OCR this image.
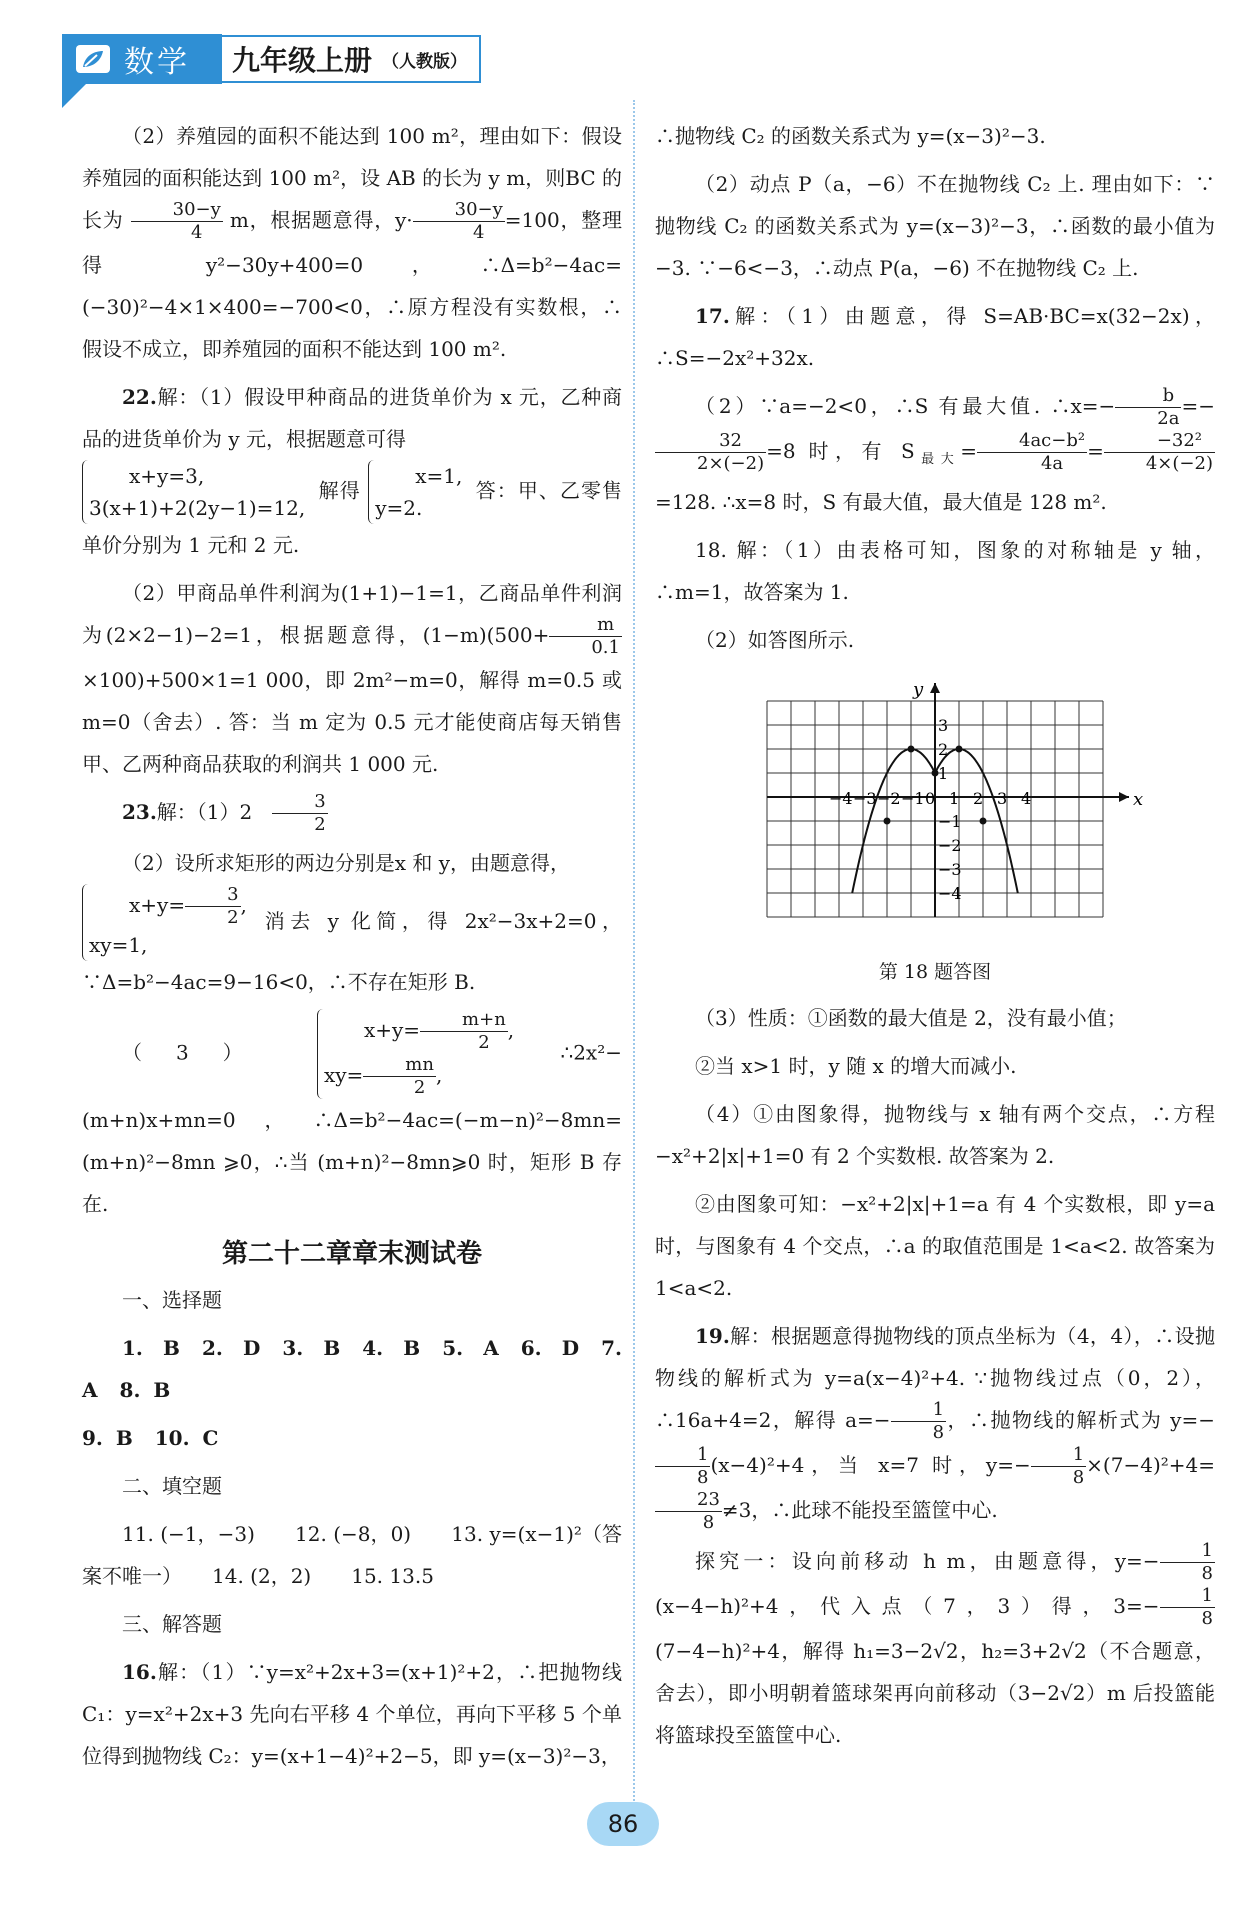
数学 九年级上册 （人教版）

（2）养殖园的面积不能达到 100 m²，理由如下：假设养殖园的面积能达到 100 m²，设 AB 的长为 y m，则BC 的长为 $\frac{30-y}{4}$ m，根据题意得，$y\cdot \frac{30-y}{4} =100$，整理得 y²−30y+400=0，∴Δ=b²−4ac=(−30)²−4×1×400=−700<0，∴原方程没有实数根，∴假设不成立，即养殖园的面积不能达到 100 m².

22.解：（1）假设甲种商品的进货单价为 x 元，乙种商品的进货单价为 y 元，根据题意可得
x+y=3,
3(x+1)+2(2y−1)=12, 解得 x=1,
y=2. 答：甲、乙零售单价分别为 1 元和 2 元.

（2）甲商品单件利润为(1+1)−1=1，乙商品单件利润为(2×2−1)−2=1，根据题意得，$(1-m)(500+ \frac{m}{0.1}$
×100)+500×1=1 000，即 2m²−m=0，解得 m=0.5 或 m=0（舍去）. 答：当 m 定为 0.5 元才能使商店每天销售甲、乙两种商品获取的利润共 1 000 元.

23.解：（1）2　 $\frac{3}{2}$

（2）设所求矩形的两边分别是x 和 y，由题意得，
$x+y= \frac{3}{2}$ ,
xy=1, 消去 y 化简，得 2x²−3x+2=0，∵Δ=b²−4ac=9−16<0，∴不存在矩形 B.

（3） $x+y= \frac{m+n}{2}$ ,
$xy= \frac{mn}{2}$ , ∴2x²−(m+n)x+mn=0，∴Δ=b²−4ac=(−m−n)²−8mn=(m+n)²−8mn ⩾0，∴当 (m+n)²−8mn⩾0 时，矩形 B 存在.

第二十二章章末测试卷

一、选择题

1. B 2. D 3. B 4. B 5. A 6. D 7. A 8. B

9. B 10. C

二、填空题

11. (−1，−3)　　12. (−8，0)　　13. y=(x−1)²（答案不唯一）　　14. (2，2)　　15. 13.5

三、解答题

16.解：（1）∵y=x²+2x+3=(x+1)²+2，∴把抛物线 C₁：y=x²+2x+3 先向右平移 4 个单位，再向下平移 5 个单位得到抛物线 C₂：y=(x+1−4)²+2−5，即 y=(x−3)²−3，

∴抛物线 C₂ 的函数关系式为 y=(x−3)²−3.

（2）动点 P（a，−6）不在抛物线 C₂ 上. 理由如下：∵抛物线 C₂ 的函数关系式为 y=(x−3)²−3，∴函数的最小值为−3. ∵−6<−3，∴动点 P(a，−6) 不在抛物线 C₂ 上.

17.解：（1）由题意，得 S=AB·BC=x(32−2x)，∴S=−2x²+32x.

（2）∵a=−2<0，∴S 有最大值. ∴x=− $\frac{b}{2a}$ =−
$\frac{32}{2\times(-2)} =8$ 时，有 $S_{最大}= \frac{\text{4ac−b²}}{4a} = \frac{\text{−32²}}{4\times(-2)}$
=128. ∴x=8 时，S 有最大值，最大值是 128 m².

18. 解：（1）由表格可知，图象的对称轴是 y 轴，∴m=1，故答案为 1.

（2）如答图所示.

−4 −3 −2 −1 0 1 2 3 4
3
2
1
−1
−2
−3
−4
y
x
第 18 题答图

（3）性质：①函数的最大值是 2，没有最小值；

②当 x>1 时，y 随 x 的增大而减小.

（4）①由图象得，抛物线与 x 轴有两个交点，∴方程−x²+2|x|+1=0 有 2 个实数根. 故答案为 2.

②由图象可知：−x²+2|x|+1=a 有 4 个实数根，即 y=a 时，与图象有 4 个交点，∴a 的取值范围是 1<a<2. 故答案为 1<a<2.

19.解：根据题意得抛物线的顶点坐标为（4，4），∴设抛物线的解析式为 y=a(x−4)²+4. ∵抛物线过点（0，2），∴16a+4=2，解得 $a=- \frac{1}{8}$ ，∴抛物线的解析式为 y=−
$\frac{1}{8} (x-4)^2+4$，当 x=7 时，$y=- \frac{1}{8} \times(7-4)^2+4=$
$\frac{23}{8} \ne 3$，∴此球不能投至篮筐中心.

探究一：设向前移动 h m，由题意得，$y=- \frac{1}{8}$
(x−4−h)²+4，代入点（7，3）得，$3=- \frac{1}{8}$
(7−4−h)²+4，解得 h₁=3−2√2，h₂=3+2√2（不合题意，舍去），即小明朝着篮球架再向前移动（3−2√2）m 后投篮能将篮球投至篮筐中心.

86
